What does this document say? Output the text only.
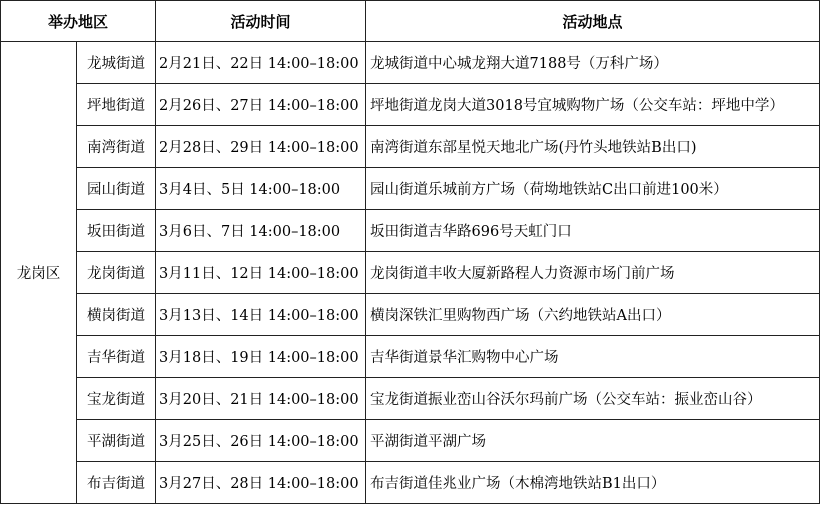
举办地区		活动时间	活动地点
龙岗区	龙城街道	2月21日、22日 14:00–18:00	龙城街道中心城龙翔大道7188号（万科广场）
	坪地街道	2月26日、27日 14:00–18:00	坪地街道龙岗大道3018号宜城购物广场（公交车站：坪地中学）
	南湾街道	2月28日、29日 14:00–18:00	南湾街道东部星悦天地北广场(丹竹头地铁站B出口)
	园山街道	3月4日、5日 14:00–18:00	园山街道乐城前方广场（荷坳地铁站C出口前进100米）
	坂田街道	3月6日、7日 14:00–18:00	坂田街道吉华路696号天虹门口
	龙岗街道	3月11日、12日 14:00–18:00	龙岗街道丰收大厦新路程人力资源市场门前广场
	横岗街道	3月13日、14日 14:00–18:00	横岗深铁汇里购物西广场（六约地铁站A出口）
	吉华街道	3月18日、19日 14:00–18:00	吉华街道景华汇购物中心广场
	宝龙街道	3月20日、21日 14:00–18:00	宝龙街道振业峦山谷沃尔玛前广场（公交车站：振业峦山谷）
	平湖街道	3月25日、26日 14:00–18:00	平湖街道平湖广场
	布吉街道	3月27日、28日 14:00–18:00	布吉街道佳兆业广场（木棉湾地铁站B1出口）
